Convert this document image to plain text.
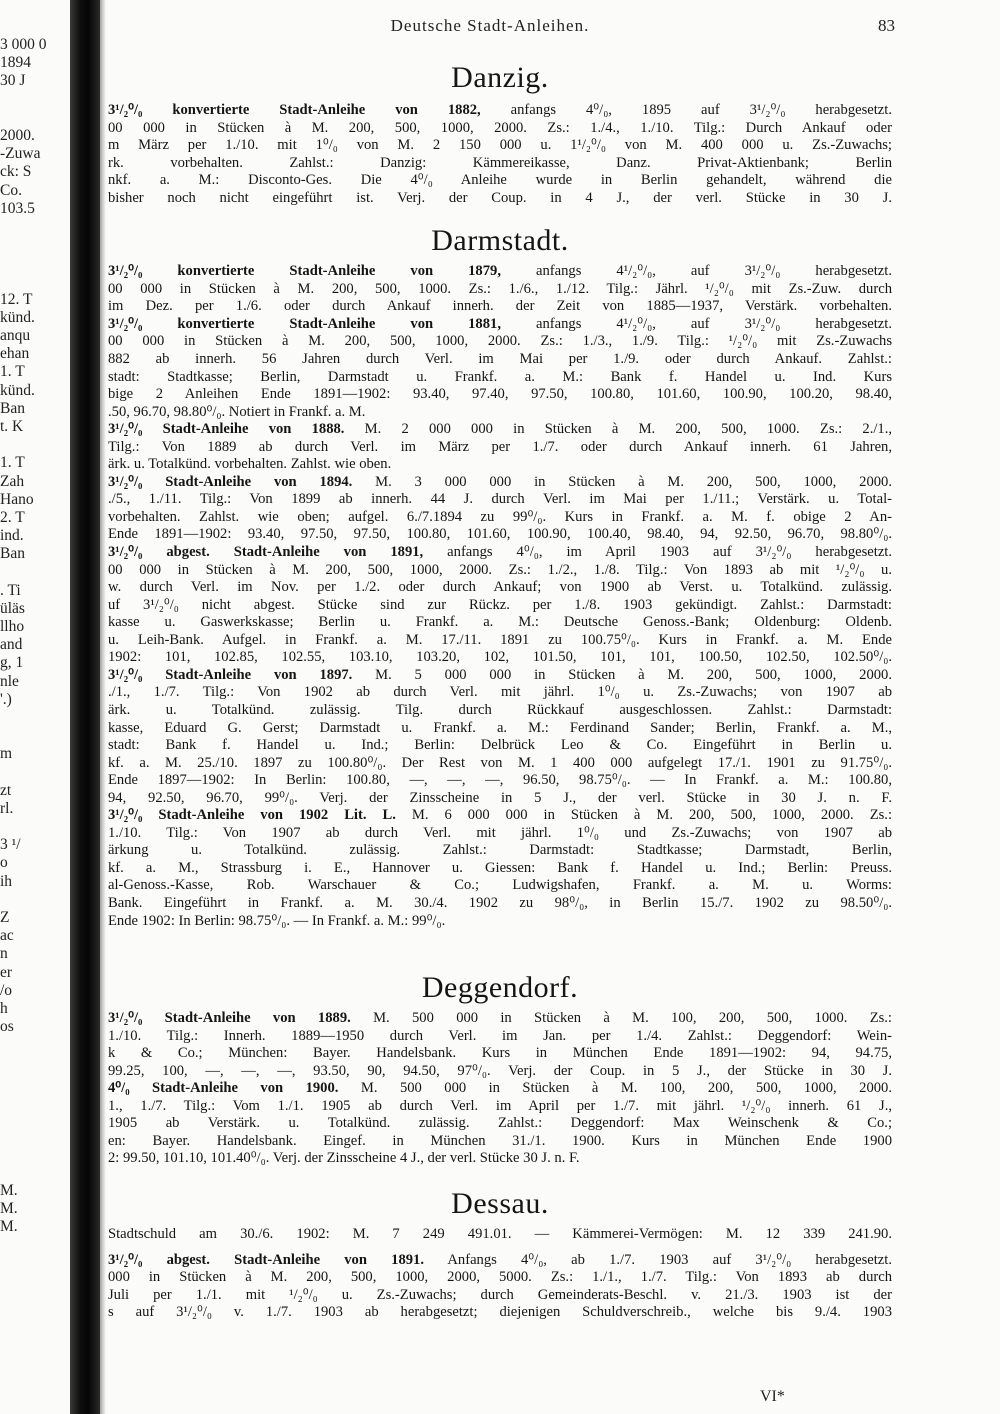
3 000 0
1894
30 J
2000.
-Zuwa
ck: S
Co.
103.5
12. T
künd.
anqu
ehan
1. T
künd.
Ban
t. K
1. T
Zah
Hano
2. T
ind.
Ban
. Ti
üläs
llho
and
g, 1
nle
'.)
m
zt
rl.
3 ¹/
o
ih
Z
ac
n
er
/o
h
os
M.
M.
M.
Deutsche Stadt-Anleihen.	83
Danzig.
3¹/₂⁰/₀ konvertierte Stadt-Anleihe von 1882, anfangs 4⁰/₀, 1895 auf 3¹/₂⁰/₀ herabgesetzt.
00 000 in Stücken à M. 200, 500, 1000, 2000. Zs.: 1./4., 1./10. Tilg.: Durch Ankauf oder
m März per 1./10. mit 1⁰/₀ von M. 2 150 000 u. 1¹/₂⁰/₀ von M. 400 000 u. Zs.-Zuwachs;
rk. vorbehalten. Zahlst.: Danzig: Kämmereikasse, Danz. Privat-Aktienbank; Berlin
nkf. a. M.: Disconto-Ges. Die 4⁰/₀ Anleihe wurde in Berlin gehandelt, während die
bisher noch nicht eingeführt ist. Verj. der Coup. in 4 J., der verl. Stücke in 30 J.
Darmstadt.
3¹/₂⁰/₀ konvertierte Stadt-Anleihe von 1879, anfangs 4¹/₂⁰/₀, auf 3¹/₂⁰/₀ herabgesetzt.
00 000 in Stücken à M. 200, 500, 1000. Zs.: 1./6., 1./12. Tilg.: Jährl. ¹/₂⁰/₀ mit Zs.-Zuw. durch
im Dez. per 1./6. oder durch Ankauf innerh. der Zeit von 1885—1937, Verstärk. vorbehalten.
3¹/₂⁰/₀ konvertierte Stadt-Anleihe von 1881, anfangs 4¹/₂⁰/₀, auf 3¹/₂⁰/₀ herabgesetzt.
00 000 in Stücken à M. 200, 500, 1000, 2000. Zs.: 1./3., 1./9. Tilg.: ¹/₂⁰/₀ mit Zs.-Zuwachs
882 ab innerh. 56 Jahren durch Verl. im Mai per 1./9. oder durch Ankauf. Zahlst.:
stadt: Stadtkasse; Berlin, Darmstadt u. Frankf. a. M.: Bank f. Handel u. Ind. Kurs
bige 2 Anleihen Ende 1891—1902: 93.40, 97.40, 97.50, 100.80, 101.60, 100.90, 100.20, 98.40,
.50, 96.70, 98.80⁰/₀. Notiert in Frankf. a. M.
3¹/₂⁰/₀ Stadt-Anleihe von 1888. M. 2 000 000 in Stücken à M. 200, 500, 1000. Zs.: 2./1.,
Tilg.: Von 1889 ab durch Verl. im März per 1./7. oder durch Ankauf innerh. 61 Jahren,
ärk. u. Totalkünd. vorbehalten. Zahlst. wie oben.
3¹/₂⁰/₀ Stadt-Anleihe von 1894. M. 3 000 000 in Stücken à M. 200, 500, 1000, 2000.
./5., 1./11. Tilg.: Von 1899 ab innerh. 44 J. durch Verl. im Mai per 1./11.; Verstärk. u. Total-
vorbehalten. Zahlst. wie oben; aufgel. 6./7.1894 zu 99⁰/₀. Kurs in Frankf. a. M. f. obige 2 An-
Ende 1891—1902: 93.40, 97.50, 97.50, 100.80, 101.60, 100.90, 100.40, 98.40, 94, 92.50, 96.70, 98.80⁰/₀.
3¹/₂⁰/₀ abgest. Stadt-Anleihe von 1891, anfangs 4⁰/₀, im April 1903 auf 3¹/₂⁰/₀ herabgesetzt.
00 000 in Stücken à M. 200, 500, 1000, 2000. Zs.: 1./2., 1./8. Tilg.: Von 1893 ab mit ¹/₂⁰/₀ u.
w. durch Verl. im Nov. per 1./2. oder durch Ankauf; von 1900 ab Verst. u. Totalkünd. zulässig.
uf 3¹/₂⁰/₀ nicht abgest. Stücke sind zur Rückz. per 1./8. 1903 gekündigt. Zahlst.: Darmstadt:
kasse u. Gaswerkskasse; Berlin u. Frankf. a. M.: Deutsche Genoss.-Bank; Oldenburg: Oldenb.
u. Leih-Bank. Aufgel. in Frankf. a. M. 17./11. 1891 zu 100.75⁰/₀. Kurs in Frankf. a. M. Ende
1902: 101, 102.85, 102.55, 103.10, 103.20, 102, 101.50, 101, 101, 100.50, 102.50, 102.50⁰/₀.
3¹/₂⁰/₀ Stadt-Anleihe von 1897. M. 5 000 000 in Stücken à M. 200, 500, 1000, 2000.
./1., 1./7. Tilg.: Von 1902 ab durch Verl. mit jährl. 1⁰/₀ u. Zs.-Zuwachs; von 1907 ab
ärk. u. Totalkünd. zulässig. Tilg. durch Rückkauf ausgeschlossen. Zahlst.: Darmstadt:
kasse, Eduard G. Gerst; Darmstadt u. Frankf. a. M.: Ferdinand Sander; Berlin, Frankf. a. M.,
stadt: Bank f. Handel u. Ind.; Berlin: Delbrück Leo & Co. Eingeführt in Berlin u.
kf. a. M. 25./10. 1897 zu 100.80⁰/₀. Der Rest von M. 1 400 000 aufgelegt 17./1. 1901 zu 91.75⁰/₀.
Ende 1897—1902: In Berlin: 100.80, —, —, —, 96.50, 98.75⁰/₀. — In Frankf. a. M.: 100.80,
94, 92.50, 96.70, 99⁰/₀. Verj. der Zinsscheine in 5 J., der verl. Stücke in 30 J. n. F.
3¹/₂⁰/₀ Stadt-Anleihe von 1902 Lit. L. M. 6 000 000 in Stücken à M. 200, 500, 1000, 2000. Zs.:
1./10. Tilg.: Von 1907 ab durch Verl. mit jährl. 1⁰/₀ und Zs.-Zuwachs; von 1907 ab
ärkung u. Totalkünd. zulässig. Zahlst.: Darmstadt: Stadtkasse; Darmstadt, Berlin,
kf. a. M., Strassburg i. E., Hannover u. Giessen: Bank f. Handel u. Ind.; Berlin: Preuss.
al-Genoss.-Kasse, Rob. Warschauer & Co.; Ludwigshafen, Frankf. a. M. u. Worms:
Bank. Eingeführt in Frankf. a. M. 30./4. 1902 zu 98⁰/₀, in Berlin 15./7. 1902 zu 98.50⁰/₀.
Ende 1902: In Berlin: 98.75⁰/₀. — In Frankf. a. M.: 99⁰/₀.
Deggendorf.
3¹/₂⁰/₀ Stadt-Anleihe von 1889. M. 500 000 in Stücken à M. 100, 200, 500, 1000. Zs.:
1./10. Tilg.: Innerh. 1889—1950 durch Verl. im Jan. per 1./4. Zahlst.: Deggendorf: Wein-
k & Co.; München: Bayer. Handelsbank. Kurs in München Ende 1891—1902: 94, 94.75,
99.25, 100, —, —, —, 93.50, 90, 94.50, 97⁰/₀. Verj. der Coup. in 5 J., der Stücke in 30 J.
4⁰/₀ Stadt-Anleihe von 1900. M. 500 000 in Stücken à M. 100, 200, 500, 1000, 2000.
1., 1./7. Tilg.: Vom 1./1. 1905 ab durch Verl. im April per 1./7. mit jährl. ¹/₂⁰/₀ innerh. 61 J.,
1905 ab Verstärk. u. Totalkünd. zulässig. Zahlst.: Deggendorf: Max Weinschenk & Co.;
en: Bayer. Handelsbank. Eingef. in München 31./1. 1900. Kurs in München Ende 1900
2: 99.50, 101.10, 101.40⁰/₀. Verj. der Zinsscheine 4 J., der verl. Stücke 30 J. n. F.
Dessau.
Stadtschuld am 30./6. 1902: M. 7 249 491.01. — Kämmerei-Vermögen: M. 12 339 241.90.
3¹/₂⁰/₀ abgest. Stadt-Anleihe von 1891. Anfangs 4⁰/₀, ab 1./7. 1903 auf 3¹/₂⁰/₀ herabgesetzt.
000 in Stücken à M. 200, 500, 1000, 2000, 5000. Zs.: 1./1., 1./7. Tilg.: Von 1893 ab durch
Juli per 1./1. mit ¹/₂⁰/₀ u. Zs.-Zuwachs; durch Gemeinderats-Beschl. v. 21./3. 1903 ist der
s auf 3¹/₂⁰/₀ v. 1./7. 1903 ab herabgesetzt; diejenigen Schuldverschreib., welche bis 9./4. 1903
VI*
